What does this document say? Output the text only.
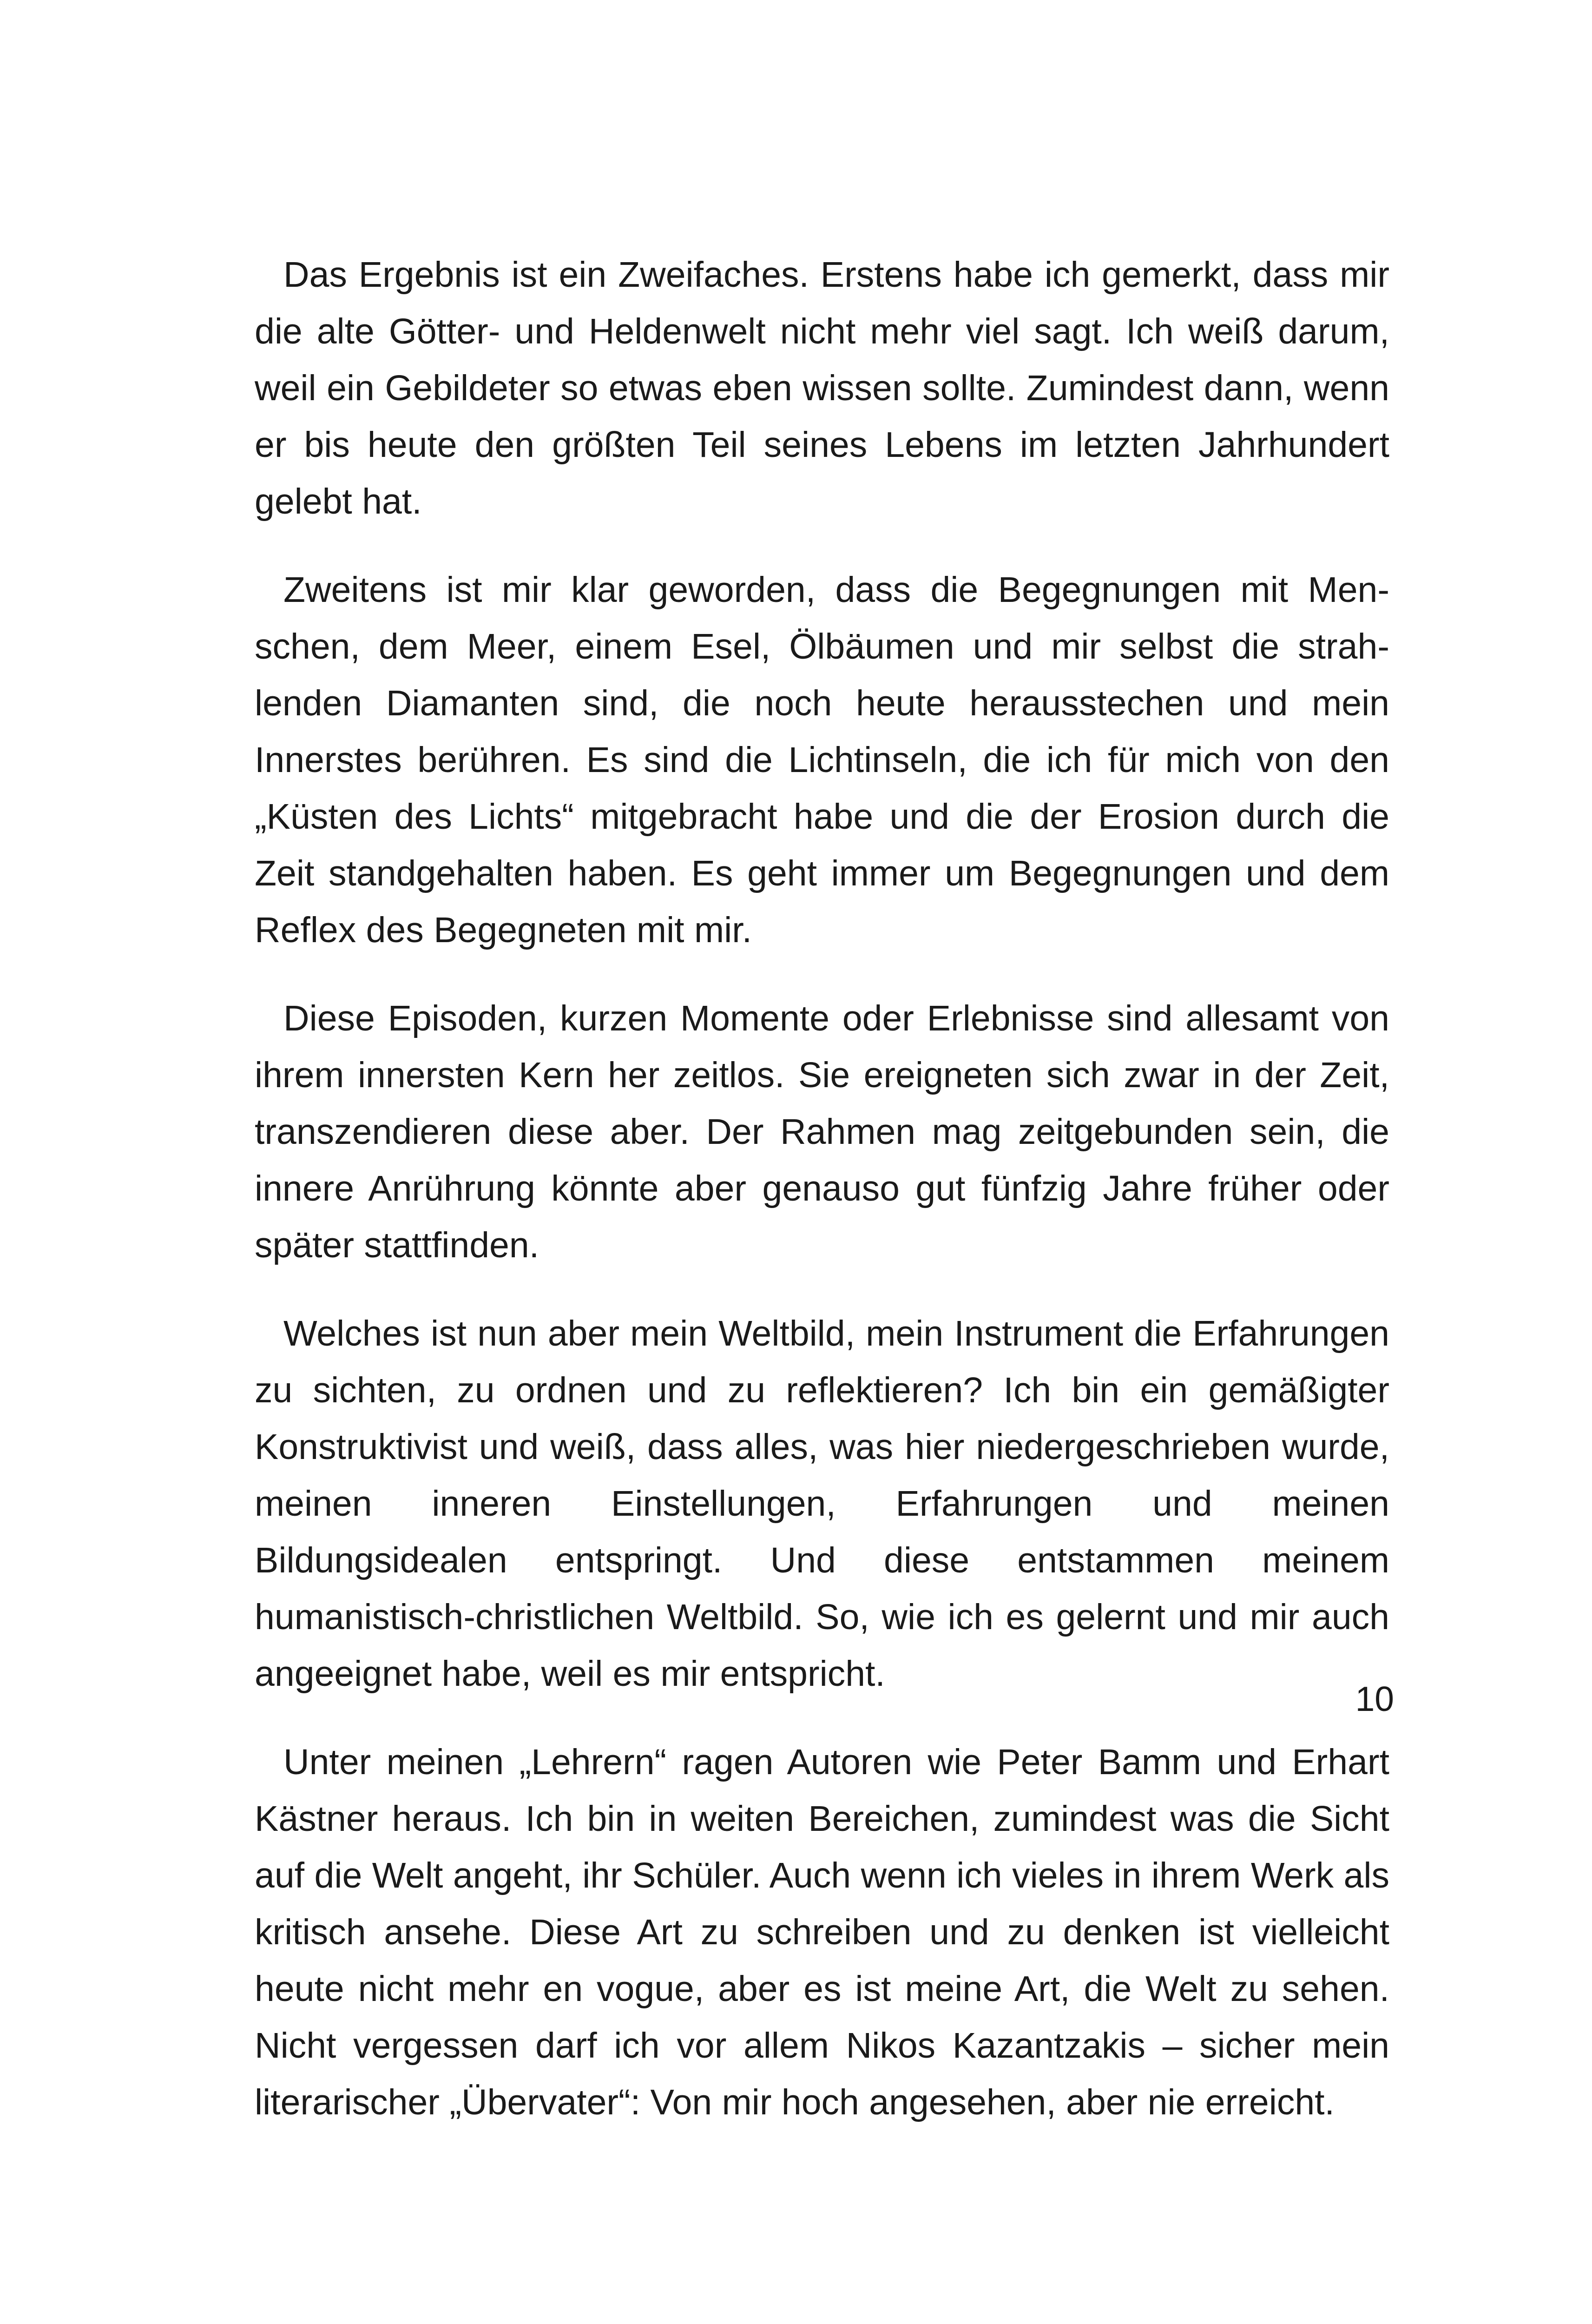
Das Ergebnis ist ein Zweifaches. Erstens habe ich gemerkt, dass mir die alte Götter- und Heldenwelt nicht mehr viel sagt. Ich weiß darum, weil ein Gebildeter so etwas eben wissen sollte. Zumindest dann, wenn er bis heute den größten Teil seines Lebens im letzten Jahrhundert gelebt hat.

Zweitens ist mir klar geworden, dass die Begegnungen mit Menschen, dem Meer, einem Esel, Ölbäumen und mir selbst die strahlenden Diamanten sind, die noch heute herausstechen und mein Innerstes berühren. Es sind die Lichtinseln, die ich für mich von den „Küsten des Lichts“ mitgebracht habe und die der Erosion durch die Zeit standgehalten haben. Es geht immer um Begegnungen und dem Reflex des Begegneten mit mir.

Diese Episoden, kurzen Momente oder Erlebnisse sind allesamt von ihrem innersten Kern her zeitlos. Sie ereigneten sich zwar in der Zeit, transzendieren diese aber. Der Rahmen mag zeitgebunden sein, die innere Anrührung könnte aber genauso gut fünfzig Jahre früher oder später stattfinden.

Welches ist nun aber mein Weltbild, mein Instrument die Erfahrungen zu sichten, zu ordnen und zu reflektieren? Ich bin ein gemäßigter Konstruktivist und weiß, dass alles, was hier niedergeschrieben wurde, meinen inneren Einstellungen, Erfahrungen und meinen Bildungsidealen entspringt. Und diese entstammen meinem humanistisch-christlichen Weltbild. So, wie ich es gelernt und mir auch angeeignet habe, weil es mir entspricht.

Unter meinen „Lehrern“ ragen Autoren wie Peter Bamm und Erhart Kästner heraus. Ich bin in weiten Bereichen, zumindest was die Sicht auf die Welt angeht, ihr Schüler. Auch wenn ich vieles in ihrem Werk als kritisch ansehe. Diese Art zu schreiben und zu denken ist vielleicht heute nicht mehr en vogue, aber es ist meine Art, die Welt zu sehen. Nicht vergessen darf ich vor allem Nikos Kazantzakis – sicher mein literarischer „Übervater“: Von mir hoch angesehen, aber nie erreicht.

10
